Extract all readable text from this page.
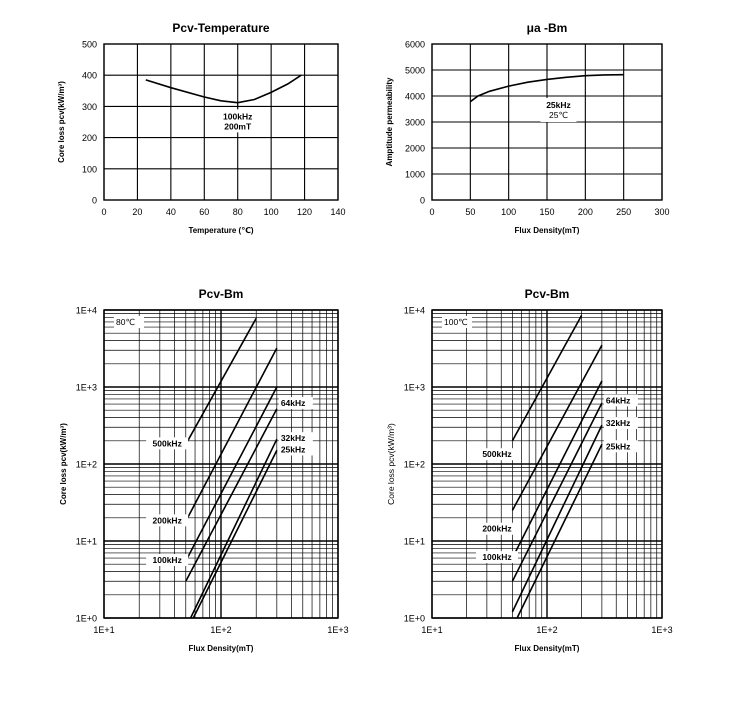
Pcv-Temperature
0	20	40	60	80 100 120 140
0
100
200
300
400
500
Temperature (℃)
Core loss pcv(kW/m³)	100kHz
200mT
μa -Bm
0	50	100	150	200	250	300
0
1000
2000
3000
4000
5000
6000
Flux Density(mT)
Amptitude permeability	25kHz
25℃
Pcv-Bm
1E+1	1E+2	1E+3
1E+0
1E+1
1E+2
1E+3
1E+4
Flux Density(mT)
Core loss pcv(kW/m³)
80℃
500kHz
200kHz
100kHz
64kHz
32kHz
25kHz
Pcv-Bm
1E+1	1E+2	1E+3
1E+0
1E+1
1E+2
1E+3
1E+4
Flux Density(mT)
Core loss pcv(kW/m³)
100℃
500kHz
200kHz
100kHz
64kHz
32kHz
25kHz
